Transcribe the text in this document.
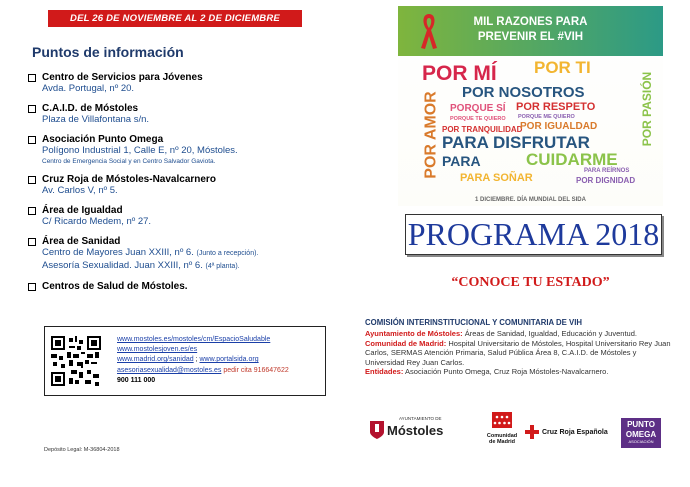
DEL 26 DE NOVIEMBRE AL 2 DE DICIEMBRE
Puntos de información
Centro de Servicios para Jóvenes
Avda. Portugal, nº 20.
C.A.I.D. de Móstoles
Plaza de Villafontana s/n.
Asociación Punto Omega
Polígono Industrial 1, Calle E, nº 20, Móstoles.
Centro de Emergencia Social y en Centro Salvador Gaviota.
Cruz Roja de Móstoles-Navalcarnero
Av. Carlos V, nº 5.
Área de Igualdad
C/ Ricardo Medem, nº 27.
Área de Sanidad
Centro de Mayores Juan XXIII, nº 6. (Junto a recepción).
Asesoría Sexualidad. Juan XXIII, nº 6. (4ª planta).
Centros de Salud de Móstoles.
www.mostoles.es/mostoles/cm/EspacioSaludable
www.mostolesjoven.es/es
www.madrid.org/sanidad ; www.portalsida.org
asesoriasexualidad@mostoles.es pedir cita 916647622
900 111 000
Depósito Legal: M-36804-2018
MIL RAZONES PARA
PREVENIR EL #VIH
POR MÍ POR TI
POR NOSOTROS
PORQUE SÍ POR RESPETO
PORQUE TE QUIERO PORQUE ME QUIERO
POR TRANQUILIDAD
POR IGUALDAD
POR AMOR PARA DISFRUTAR
PARA	CUIDARME
PARA SOÑAR
PARA REÍRNOS
POR DIGNIDAD
POR PASIÓN
1 DICIEMBRE. DÍA MUNDIAL DEL SIDA
PROGRAMA 2018
“CONOCE TU ESTADO”
COMISIÓN INTERINSTITUCIONAL Y COMUNITARIA DE VIH
Ayuntamiento de Móstoles: Áreas de Sanidad, Igualdad, Educación y Juventud.
Comunidad de Madrid: Hospital Universitario de Móstoles, Hospital Universitario Rey Juan Carlos, SERMAS Atención Primaria, Salud Pública Área 8, C.A.I.D. de Móstoles y Universidad Rey Juan Carlos.
Entidades: Asociación Punto Omega, Cruz Roja Móstoles-Navalcarnero.
AYUNTAMIENTO DE
Móstoles	Comunidad
de Madrid
Cruz Roja Española
PUNTO
OMEGA
ASOCIACIÓN
